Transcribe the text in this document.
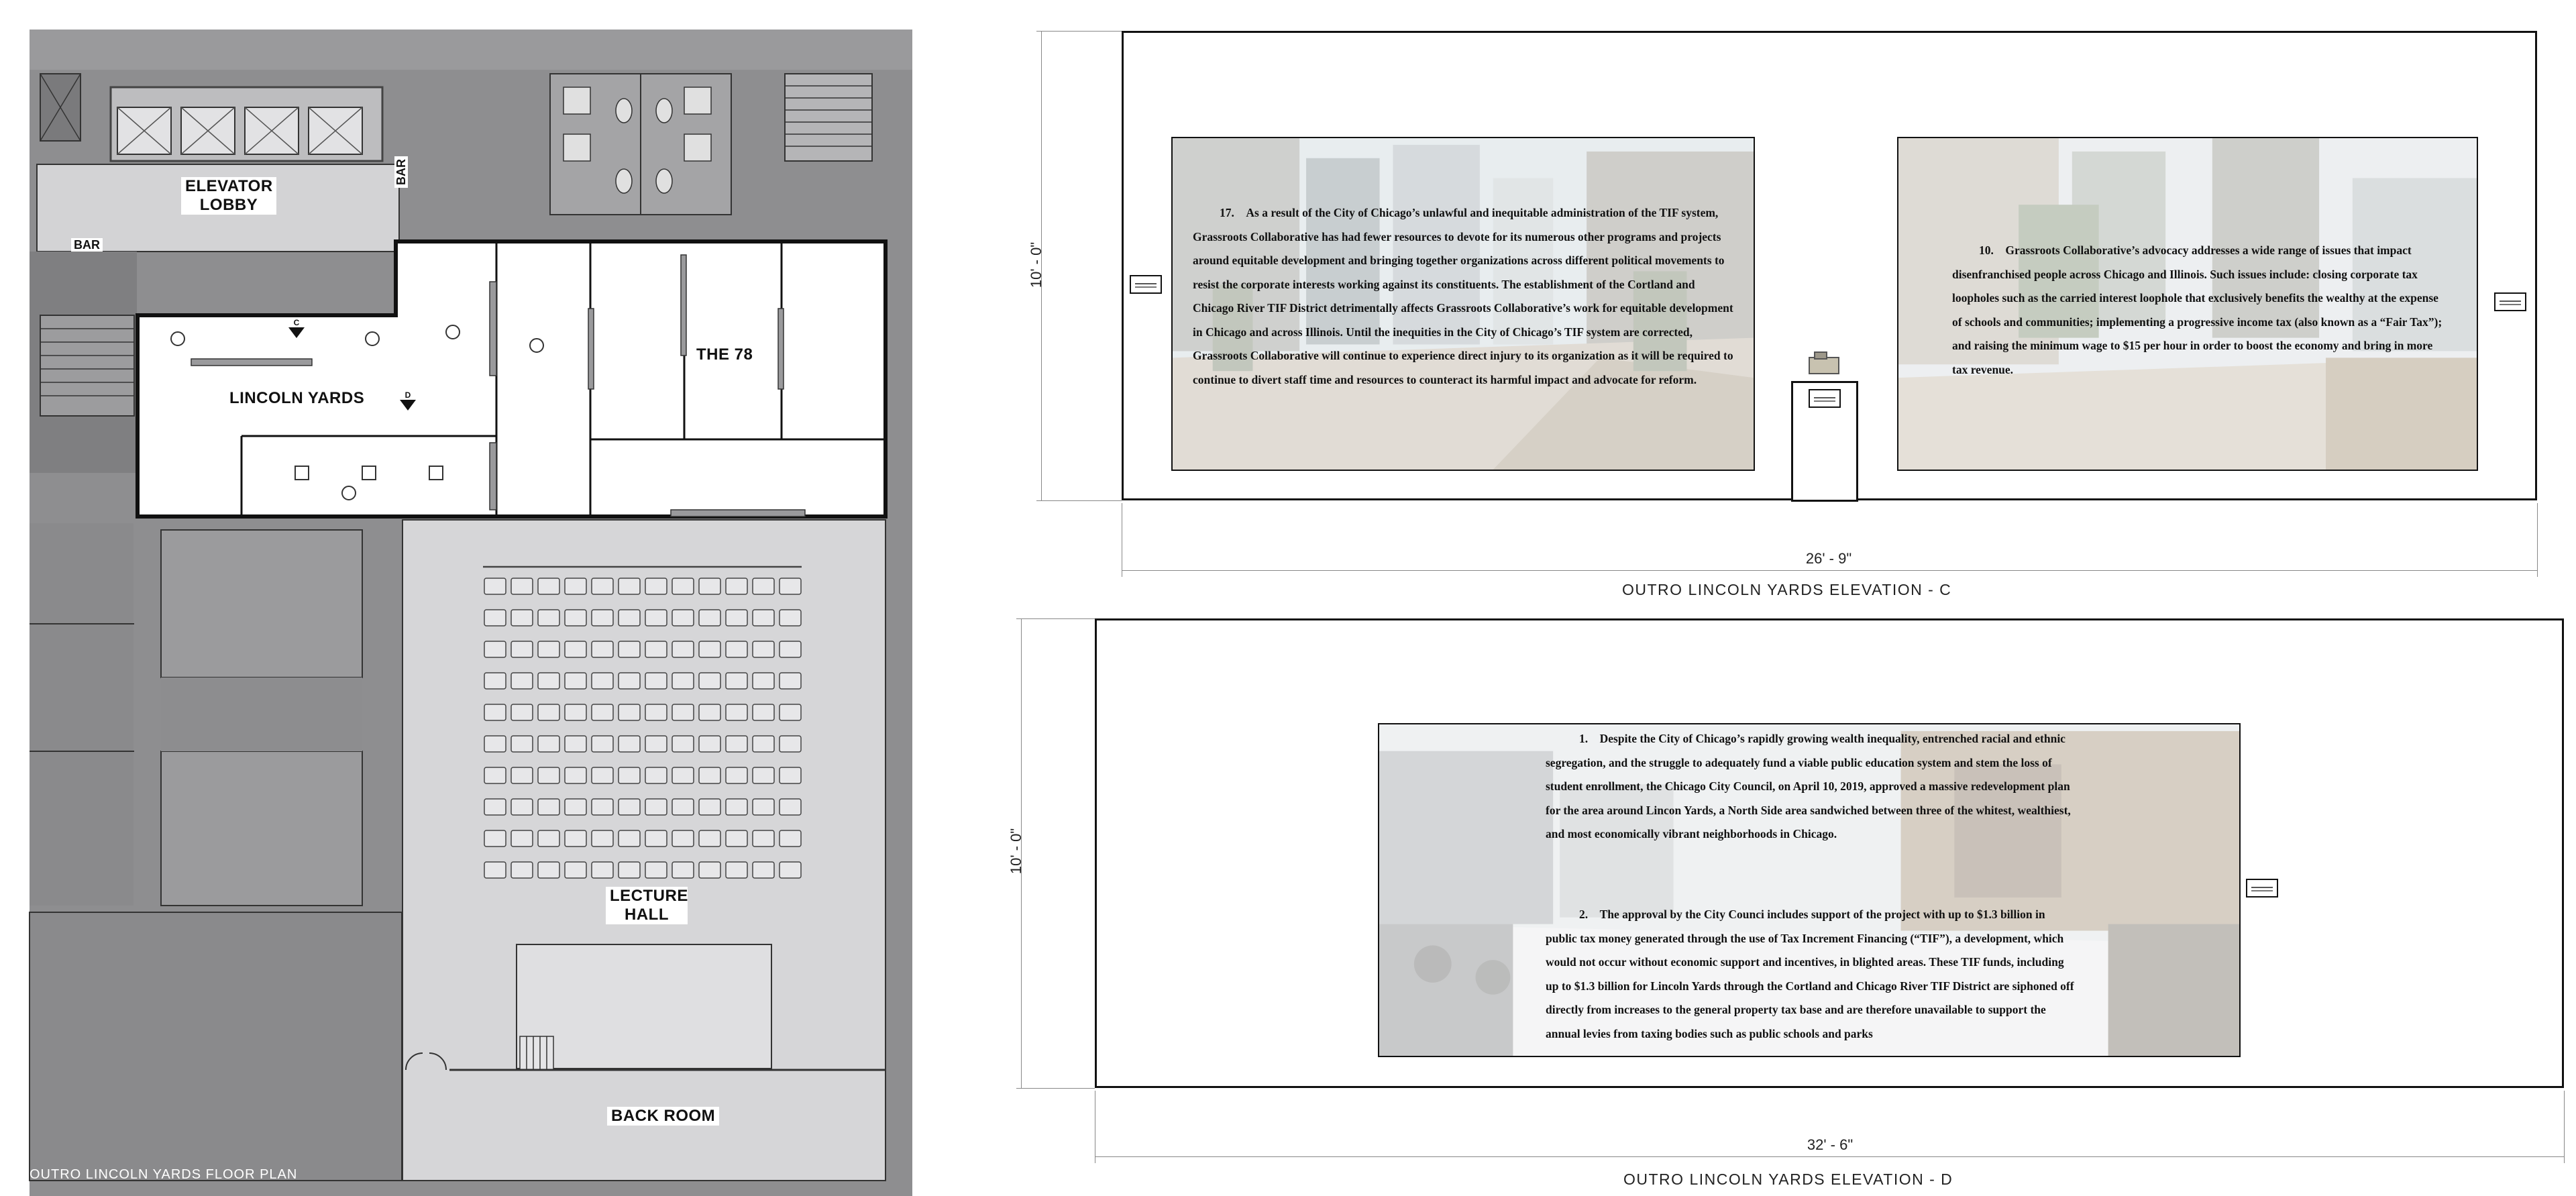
ELEVATOR
LOBBY
BAR
BAR
LINCOLN YARDS
THE 78
LECTURE
HALL
BACK ROOM
C
D
OUTRO LINCOLN YARDS FLOOR PLAN
17. As a result of the City of Chicago’s unlawful and inequitable administration of the TIF system, Grassroots Collaborative has had fewer resources to devote for its numerous other programs and projects around equitable development and bringing together organizations across different political movements to resist the corporate interests working against its constituents. The establishment of the Cortland and Chicago River TIF District detrimentally affects Grassroots Collaborative’s work for equitable development in Chicago and across Illinois. Until the inequities in the City of Chicago’s TIF system are corrected, Grassroots Collaborative will continue to experience direct injury to its organization as it will be required to continue to divert staff time and resources to counteract its harmful impact and advocate for reform.
10. Grassroots Collaborative’s advocacy addresses a wide range of issues that impact disenfranchised people across Chicago and Illinois. Such issues include: closing corporate tax loopholes such as the carried interest loophole that exclusively benefits the wealthy at the expense of schools and communities; implementing a progressive income tax (also known as a “Fair Tax”); and raising the minimum wage to $15 per hour in order to boost the economy and bring in more tax revenue.
10' - 0"
26' - 9"
OUTRO LINCOLN YARDS ELEVATION - C
1. Despite the City of Chicago’s rapidly growing wealth inequality, entrenched racial and ethnic segregation, and the struggle to adequately fund a viable public education system and stem the loss of student enrollment, the Chicago City Council, on April 10, 2019, approved a massive redevelopment plan for the area around Lincon Yards, a North Side area sandwiched between three of the whitest, wealthiest, and most economically vibrant neighborhoods in Chicago.
2. The approval by the City Counci includes support of the project with up to $1.3 billion in public tax money generated through the use of Tax Increment Financing (“TIF”), a development, which would not occur without economic support and incentives, in blighted areas. These TIF funds, including up to $1.3 billion for Lincoln Yards through the Cortland and Chicago River TIF District are siphoned off directly from increases to the general property tax base and are therefore unavailable to support the annual levies from taxing bodies such as public schools and parks
10' - 0"
32' - 6"
OUTRO LINCOLN YARDS ELEVATION - D
